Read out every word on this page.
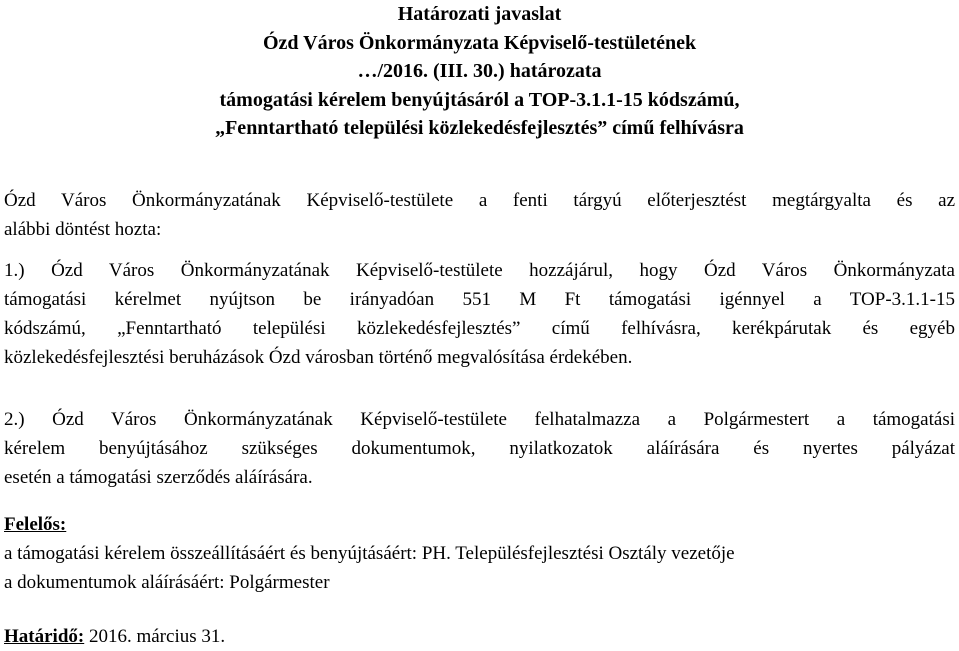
Határozati javaslat
Ózd Város Önkormányzata Képviselő-testületének
…/2016. (III. 30.) határozata
támogatási kérelem benyújtásáról a TOP-3.1.1-15 kódszámú,
„Fenntartható települési közlekedésfejlesztés” című felhívásra
Ózd Város Önkormányzatának Képviselő-testülete a fenti tárgyú előterjesztést megtárgyalta és az
alábbi döntést hozta:
1.) Ózd Város Önkormányzatának Képviselő-testülete hozzájárul, hogy Ózd Város Önkormányzata
támogatási kérelmet nyújtson be irányadóan 551 M Ft támogatási igénnyel a TOP-3.1.1-15
kódszámú, „Fenntartható települési közlekedésfejlesztés” című felhívásra, kerékpárutak és egyéb
közlekedésfejlesztési beruházások Ózd városban történő megvalósítása érdekében.
2.) Ózd Város Önkormányzatának Képviselő-testülete felhatalmazza a Polgármestert a támogatási
kérelem benyújtásához szükséges dokumentumok, nyilatkozatok aláírására és nyertes pályázat
esetén a támogatási szerződés aláírására.
Felelős:
a támogatási kérelem összeállításáért és benyújtásáért: PH. Településfejlesztési Osztály vezetője
a dokumentumok aláírásáért: Polgármester
Határidő: 2016. március 31.
